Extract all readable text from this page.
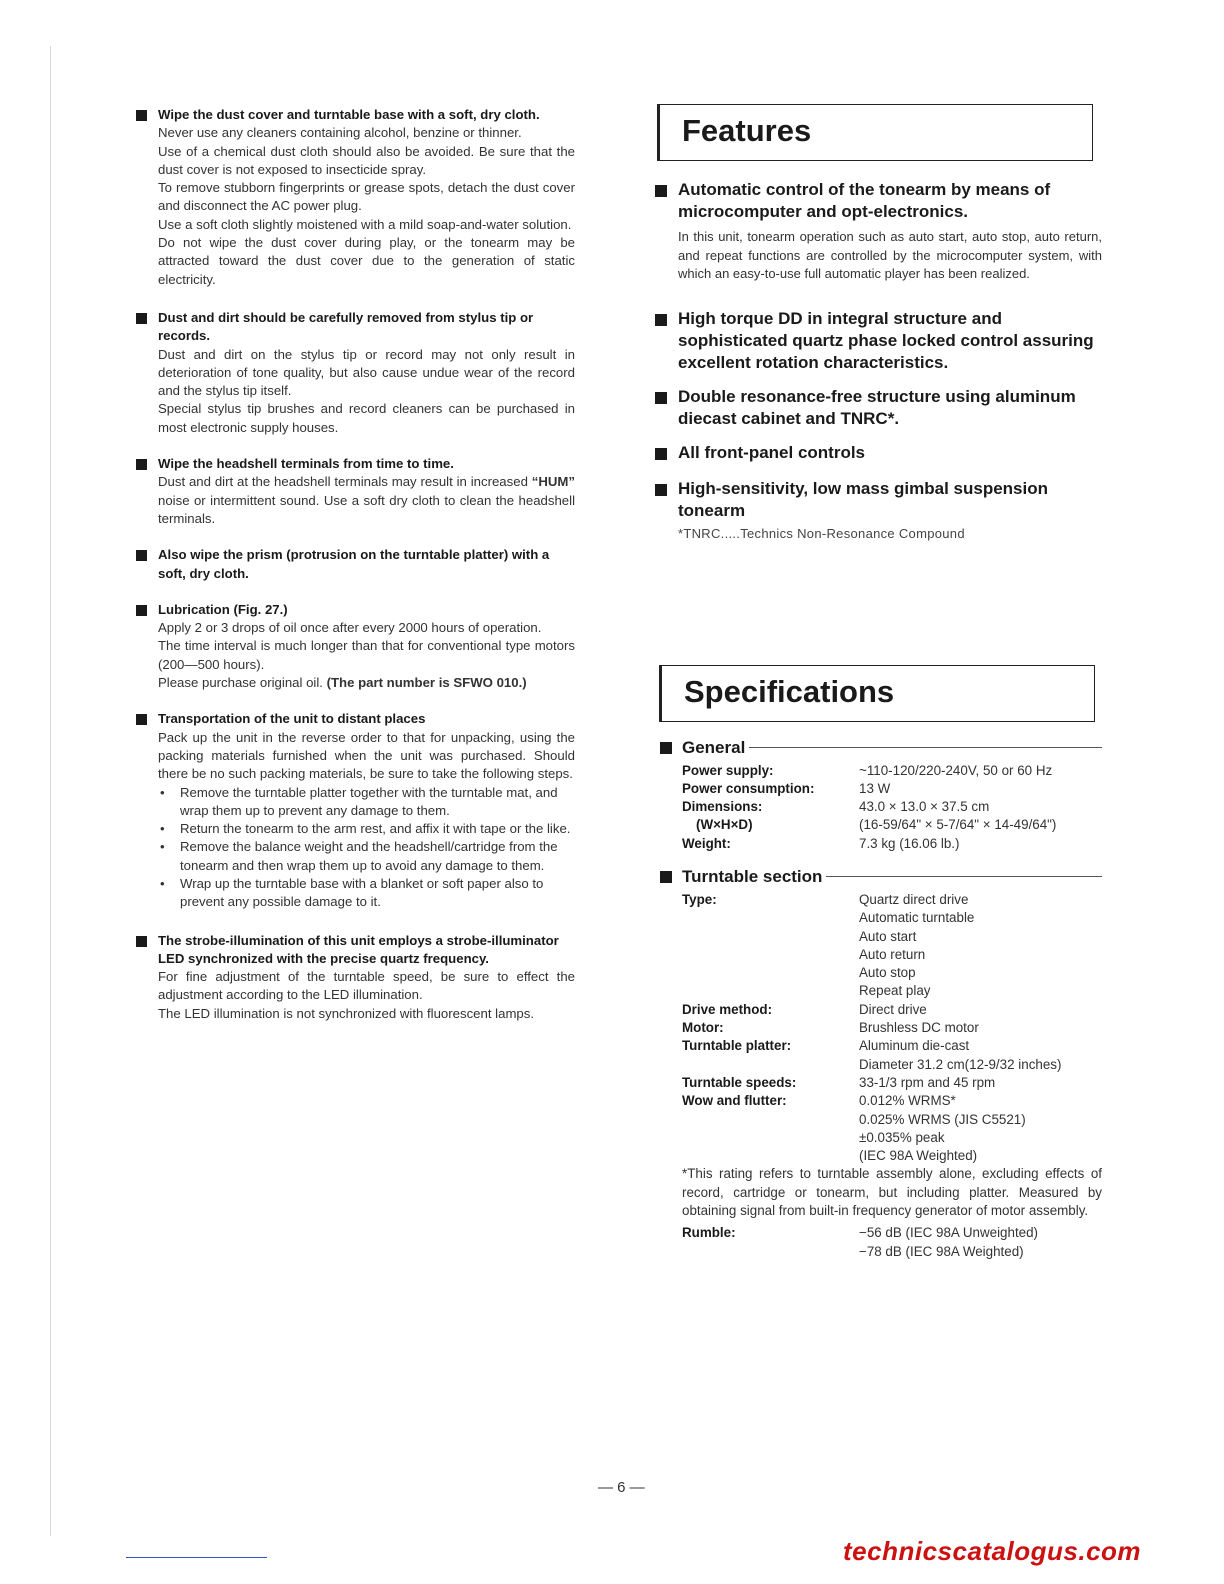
Wipe the dust cover and turntable base with a soft, dry cloth.

Never use any cleaners containing alcohol, benzine or thinner.

Use of a chemical dust cloth should also be avoided. Be sure that the dust cover is not exposed to insecticide spray.

To remove stubborn fingerprints or grease spots, detach the dust cover and disconnect the AC power plug.

Use a soft cloth slightly moistened with a mild soap-and-water solution.

Do not wipe the dust cover during play, or the tonearm may be attracted toward the dust cover due to the generation of static electricity.

Dust and dirt should be carefully removed from stylus tip or records.

Dust and dirt on the stylus tip or record may not only result in deterioration of tone quality, but also cause undue wear of the record and the stylus tip itself.

Special stylus tip brushes and record cleaners can be purchased in most electronic supply houses.

Wipe the headshell terminals from time to time.

Dust and dirt at the headshell terminals may result in increased “HUM” noise or intermittent sound. Use a soft dry cloth to clean the headshell terminals.

Also wipe the prism (protrusion on the turntable platter) with a soft, dry cloth.
Lubrication (Fig. 27.)

Apply 2 or 3 drops of oil once after every 2000 hours of operation.

The time interval is much longer than that for conventional type motors (200—500 hours).

Please purchase original oil. (The part number is SFWO 010.)

Transportation of the unit to distant places

Pack up the unit in the reverse order to that for unpacking, using the packing materials furnished when the unit was purchased. Should there be no such packing materials, be sure to take the following steps.

• Remove the turntable platter together with the turntable mat, and wrap them up to prevent any damage to them.
• Return the tonearm to the arm rest, and affix it with tape or the like.
• Remove the balance weight and the headshell/cartridge from the tonearm and then wrap them up to avoid any damage to them.
• Wrap up the turntable base with a blanket or soft paper also to prevent any possible damage to it.
The strobe-illumination of this unit employs a strobe-illuminator LED synchronized with the precise quartz frequency.

For fine adjustment of the turntable speed, be sure to effect the adjustment according to the LED illumination.

The LED illumination is not synchronized with fluorescent lamps.

Features
Automatic control of the tonearm by means of microcomputer and opt-electronics.

In this unit, tonearm operation such as auto start, auto stop, auto return, and repeat functions are controlled by the microcomputer system, with which an easy-to-use full automatic player has been realized.

High torque DD in integral structure and sophisticated quartz phase locked control assuring excellent rotation characteristics.
Double resonance-free structure using aluminum diecast cabinet and TNRC*.
All front-panel controls
High-sensitivity, low mass gimbal suspension tonearm
*TNRC.....Technics Non-Resonance Compound
Specifications
General
Power supply:	~110-120/220-240V, 50 or 60 Hz
Power consumption:	13 W
Dimensions:	43.0 × 13.0 × 37.5 cm
(W×H×D)	(16-59/64" × 5-7/64" × 14-49/64")
Weight:	7.3 kg (16.06 lb.)
Turntable section
Type:	Quartz direct drive
Automatic turntable
Auto start
Auto return
Auto stop
Repeat play
Drive method:	Direct drive
Motor:	Brushless DC motor
Turntable platter:	Aluminum die-cast
Diameter 31.2 cm(12-9/32 inches)
Turntable speeds:	33-1/3 rpm and 45 rpm
Wow and flutter:	0.012% WRMS*
0.025% WRMS (JIS C5521)
±0.035% peak
(IEC 98A Weighted)
*This rating refers to turntable assembly alone, excluding effects of record, cartridge or tonearm, but including platter. Measured by obtaining signal from built-in frequency generator of motor assembly.
Rumble:	−56 dB (IEC 98A Unweighted)
−78 dB (IEC 98A Weighted)
— 6 —
technicscatalogus.com
